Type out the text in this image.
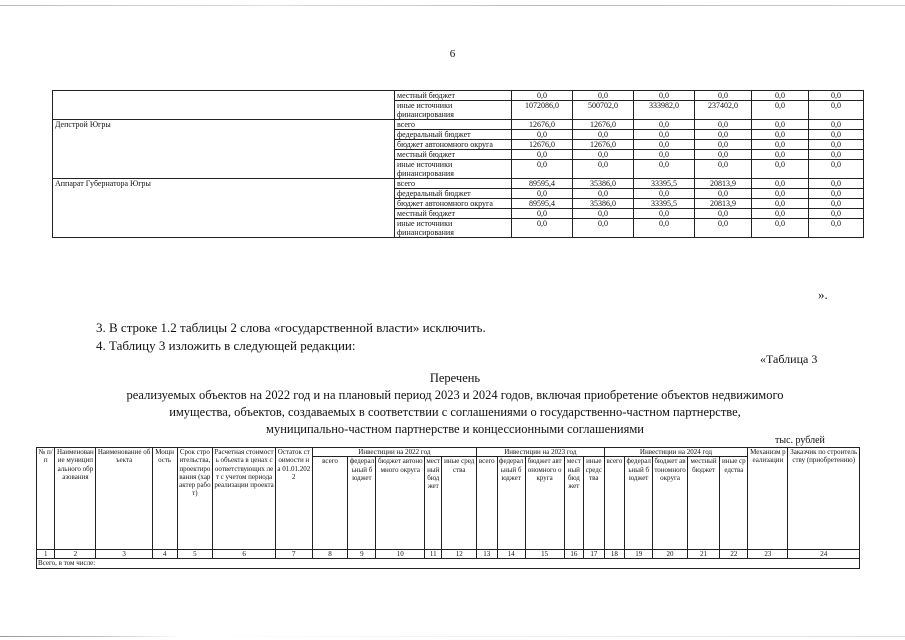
6
	местный бюджет	0,0	0,0	0,0	0,0	0,0	0,0
	иные источники финансирования	1072086,0	500702,0	333982,0	237402,0	0,0	0,0
Депстрой Югры	всего	12676,0	12676,0	0,0	0,0	0,0	0,0
	федеральный бюджет	0,0	0,0	0,0	0,0	0,0	0,0
	бюджет автономного округа	12676,0	12676,0	0,0	0,0	0,0	0,0
	местный бюджет	0,0	0,0	0,0	0,0	0,0	0,0
	иные источники финансирования	0,0	0,0	0,0	0,0	0,0	0,0
Аппарат Губернатора Югры	всего	89595,4	35386,0	33395,5	20813,9	0,0	0,0
	федеральный бюджет	0,0	0,0	0,0	0,0	0,0	0,0
	бюджет автономного округа	89595,4	35386,0	33395,5	20813,9	0,0	0,0
	местный бюджет	0,0	0,0	0,0	0,0	0,0	0,0
	иные источники финансирования	0,0	0,0	0,0	0,0	0,0	0,0
».
3. В строке 1.2 таблицы 2 слова «государственной власти» исключить.
4. Таблицу 3 изложить в следующей редакции:
«Таблица 3
Перечень
реализуемых объектов на 2022 год и на плановый период 2023 и 2024 годов, включая приобретение объектов недвижимого
имущества, объектов, создаваемых в соответствии с соглашениями о государственно-частном партнерстве,
муниципально-частном партнерстве и концессионными соглашениями
тыс. рублей
№ п/п	Наименование муниципального образования	Наименование объекта	Мощность	Срок строительства, проектирования (характер работ)	Расчетная стоимость объекта в ценах соответствующих лет с учетом периода реализации проекта	Остаток стоимости на 01.01.2022	Инвестиции на 2022 год					Инвестиции на 2023 год					Инвестиции на 2024 год					Механизм реализации	Заказчик по строительству (приобретению)
							всего	федеральный бюджет	бюджет автономного округа	местный бюджет	иные средства	всего	федеральный бюджет	бюджет автономного округа	местный бюджет	иные средства	всего	федеральный бюджет	бюджет автономного округа	местный бюджет	иные средства		
1	2	3	4	5	6	7	8	9	10	11	12	13	14	15	16	17	18	19	20	21	22	23	24
Всего, в том числе:																							
